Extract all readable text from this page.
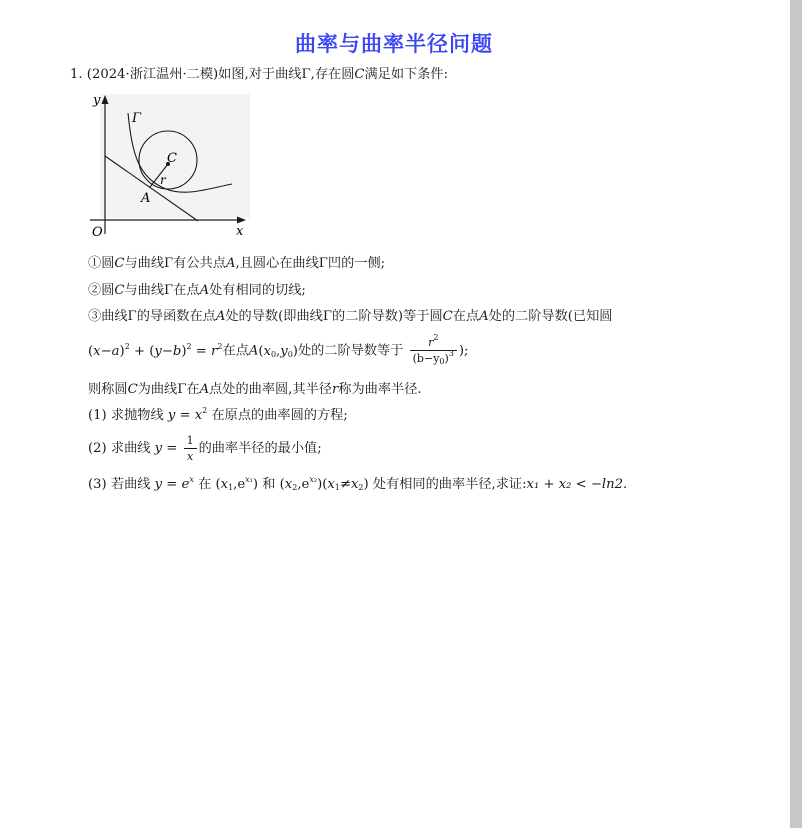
曲率与曲率半径问题
1. (2024·浙江温州·二模)如图,对于曲线Γ,存在圆C满足如下条件:
y
x
O
Γ
C
r
A
①圆C与曲线Γ有公共点A,且圆心在曲线Γ凹的一侧;
②圆C与曲线Γ在点A处有相同的切线;
③曲线Γ的导函数在点A处的导数(即曲线Γ的二阶导数)等于圆C在点A处的二阶导数(已知圆
$(x-a)^2 + (y-b)^2 = r^2$在点$A(x_0,y_0)$处的二阶导数等于 $\frac{r^2}{(b-y_0)^3}$ );
则称圆C为曲线Γ在A点处的曲率圆,其半径r称为曲率半径.
(1) 求抛物线 $y = x^2$ 在原点的曲率圆的方程;
(2) 求曲线 $y = \frac{1}{x}$ 的曲率半径的最小值;
(3) 若曲线 $y = e^x$ 在 $(x_1,e^{x_1})$ 和 $(x_2,e^{x_2})(x_1\ne x_2)$ 处有相同的曲率半径,求证:x₁ + x₂ < −ln2.
